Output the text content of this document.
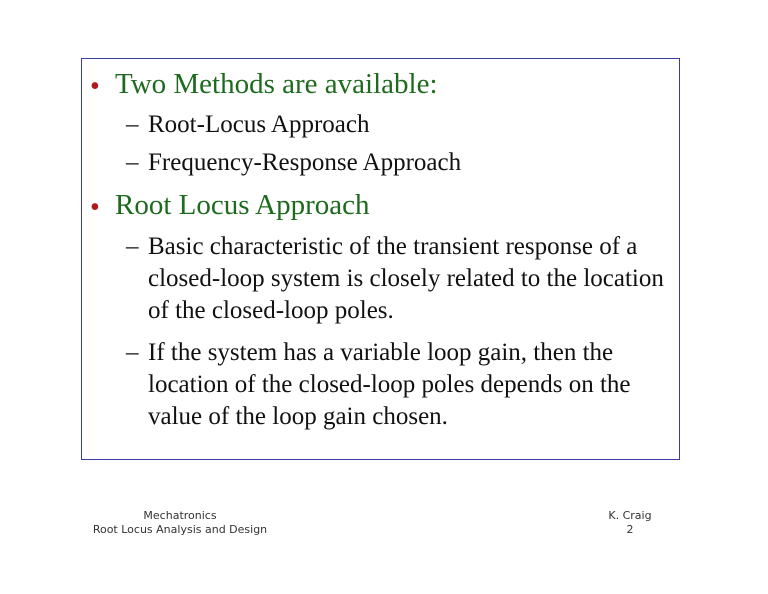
• Two Methods are available:
– Root-Locus Approach
– Frequency-Response Approach
• Root Locus Approach
– Basic characteristic of the transient response of a closed-loop system is closely related to the location of the closed-loop poles.
– If the system has a variable loop gain, then the location of the closed-loop poles depends on the value of the loop gain chosen.
Mechatronics
Root Locus Analysis and Design
K. Craig
2
